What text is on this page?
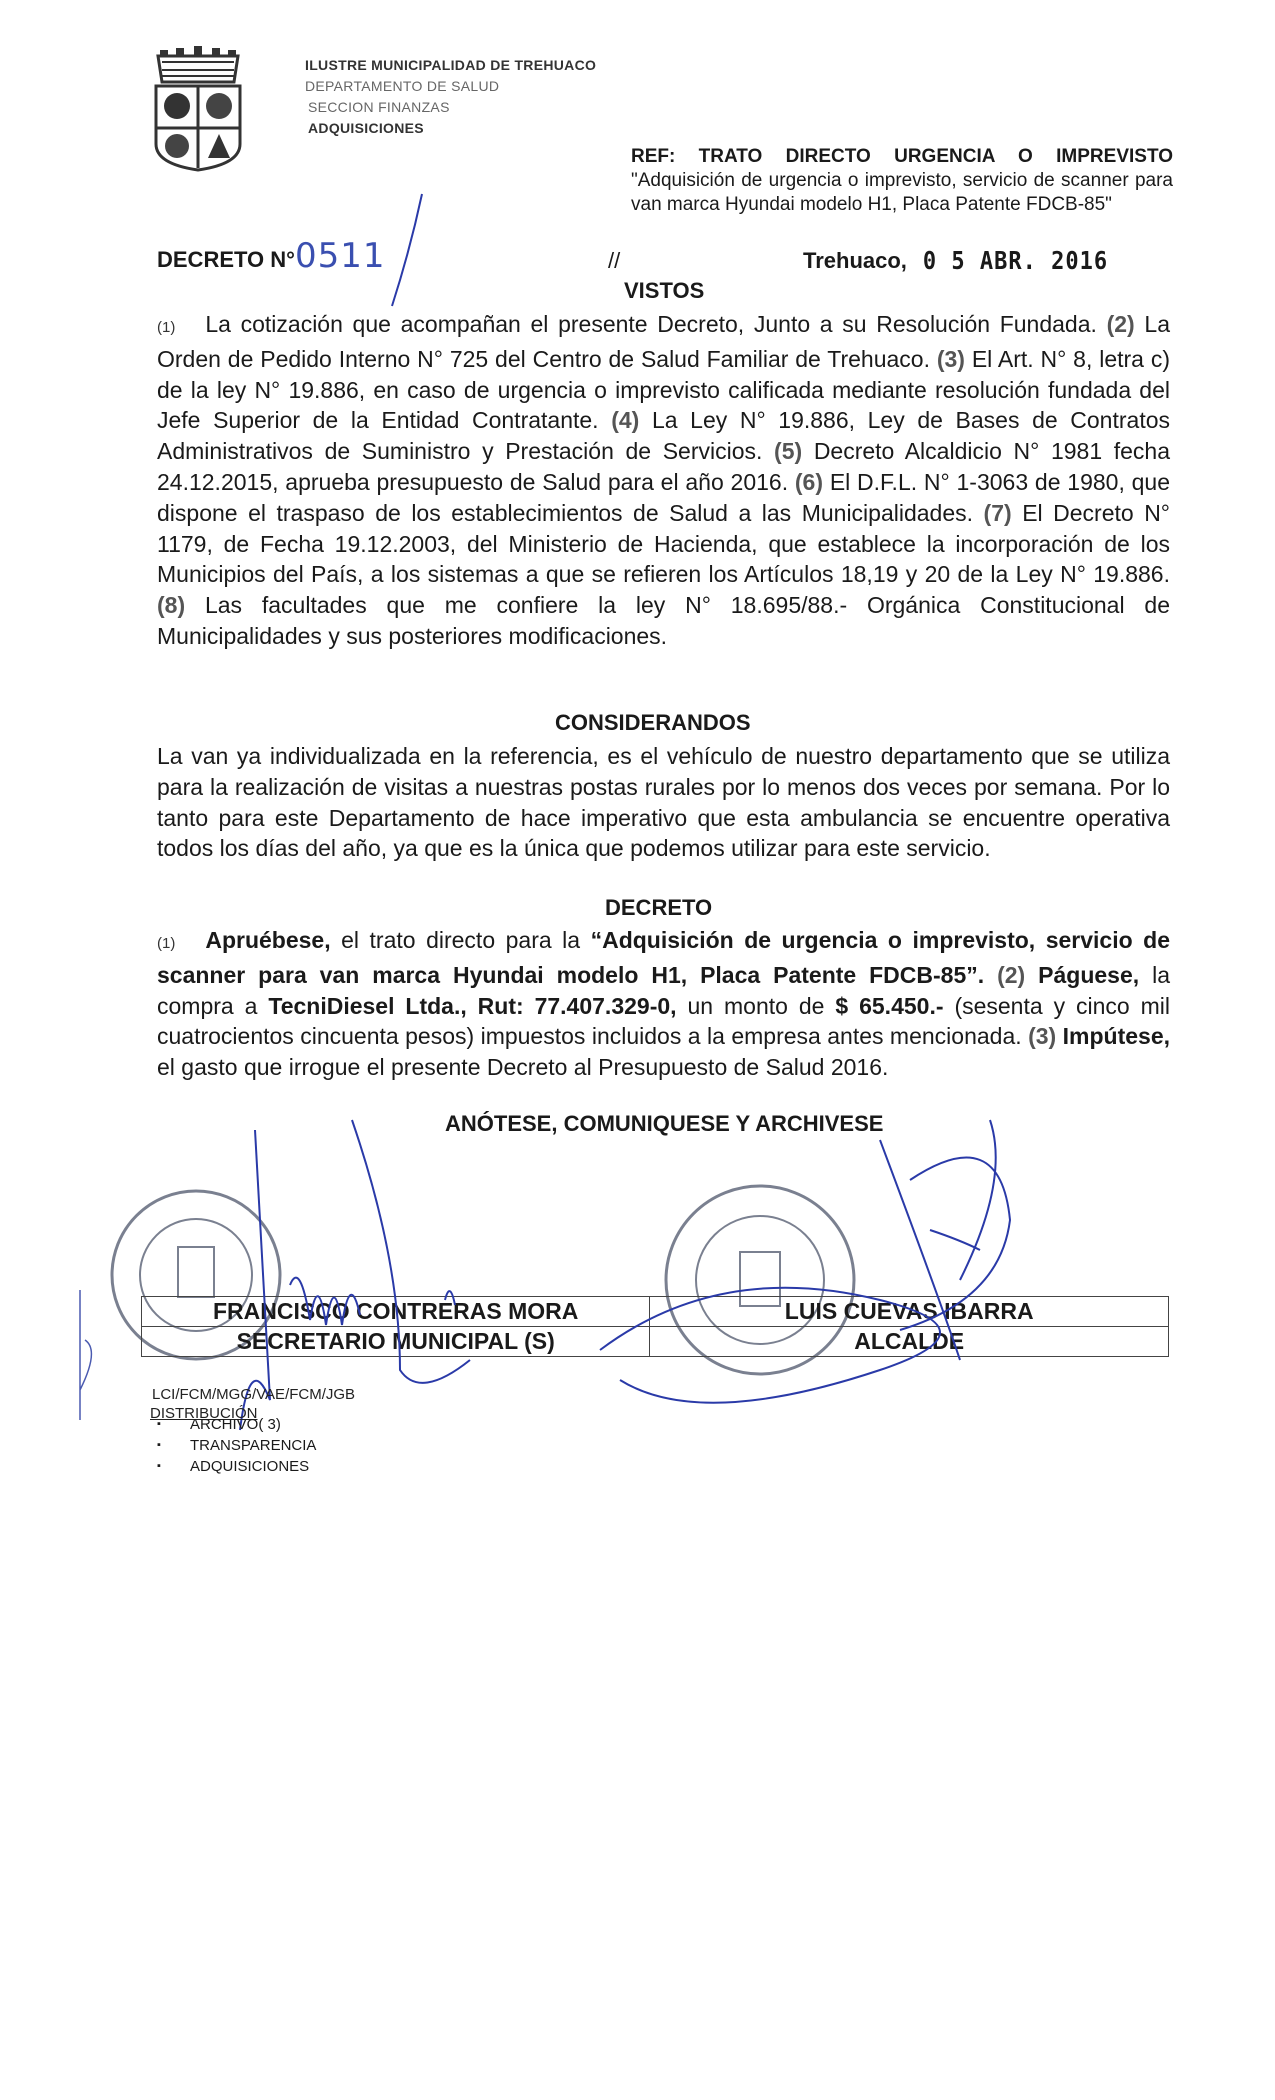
ILUSTRE MUNICIPALIDAD DE TREHUACO
DEPARTAMENTO DE SALUD
SECCION FINANZAS
ADQUISICIONES
REF: TRATO DIRECTO URGENCIA O IMPREVISTO
"Adquisición de urgencia o imprevisto, servicio de scanner para van marca Hyundai modelo H1, Placa Patente FDCB-85"
DECRETO N°0511	//	Trehuaco, 0 5 ABR. 2016
VISTOS
(1) La cotización que acompañan el presente Decreto, Junto a su Resolución Fundada. (2) La Orden de Pedido Interno N° 725 del Centro de Salud Familiar de Trehuaco. (3) El Art. N° 8, letra c) de la ley N° 19.886, en caso de urgencia o imprevisto calificada mediante resolución fundada del Jefe Superior de la Entidad Contratante. (4) La Ley N° 19.886, Ley de Bases de Contratos Administrativos de Suministro y Prestación de Servicios. (5) Decreto Alcaldicio N° 1981 fecha 24.12.2015, aprueba presupuesto de Salud para el año 2016. (6) El D.F.L. N° 1-3063 de 1980, que dispone el traspaso de los establecimientos de Salud a las Municipalidades. (7) El Decreto N° 1179, de Fecha 19.12.2003, del Ministerio de Hacienda, que establece la incorporación de los Municipios del País, a los sistemas a que se refieren los Artículos 18,19 y 20 de la Ley N° 19.886. (8) Las facultades que me confiere la ley N° 18.695/88.- Orgánica Constitucional de Municipalidades y sus posteriores modificaciones.
CONSIDERANDOS
La van ya individualizada en la referencia, es el vehículo de nuestro departamento que se utiliza para la realización de visitas a nuestras postas rurales por lo menos dos veces por semana. Por lo tanto para este Departamento de hace imperativo que esta ambulancia se encuentre operativa todos los días del año, ya que es la única que podemos utilizar para este servicio.
DECRETO
(1) Apruébese, el trato directo para la “Adquisición de urgencia o imprevisto, servicio de scanner para van marca Hyundai modelo H1, Placa Patente FDCB-85”. (2) Páguese, la compra a TecniDiesel Ltda., Rut: 77.407.329-0, un monto de $ 65.450.- (sesenta y cinco mil cuatrocientos cincuenta pesos) impuestos incluidos a la empresa antes mencionada. (3) Impútese, el gasto que irrogue el presente Decreto al Presupuesto de Salud 2016.
ANÓTESE, COMUNIQUESE Y ARCHIVESE
FRANCISCO CONTRERAS MORA	LUIS CUEVAS IBARRA
SECRETARIO MUNICIPAL (S)	ALCALDE
LCI/FCM/MGG/VAE/FCM/JGB
DISTRIBUCIÓN
▪ ARCHIVO( 3)
▪ TRANSPARENCIA
▪ ADQUISICIONES
